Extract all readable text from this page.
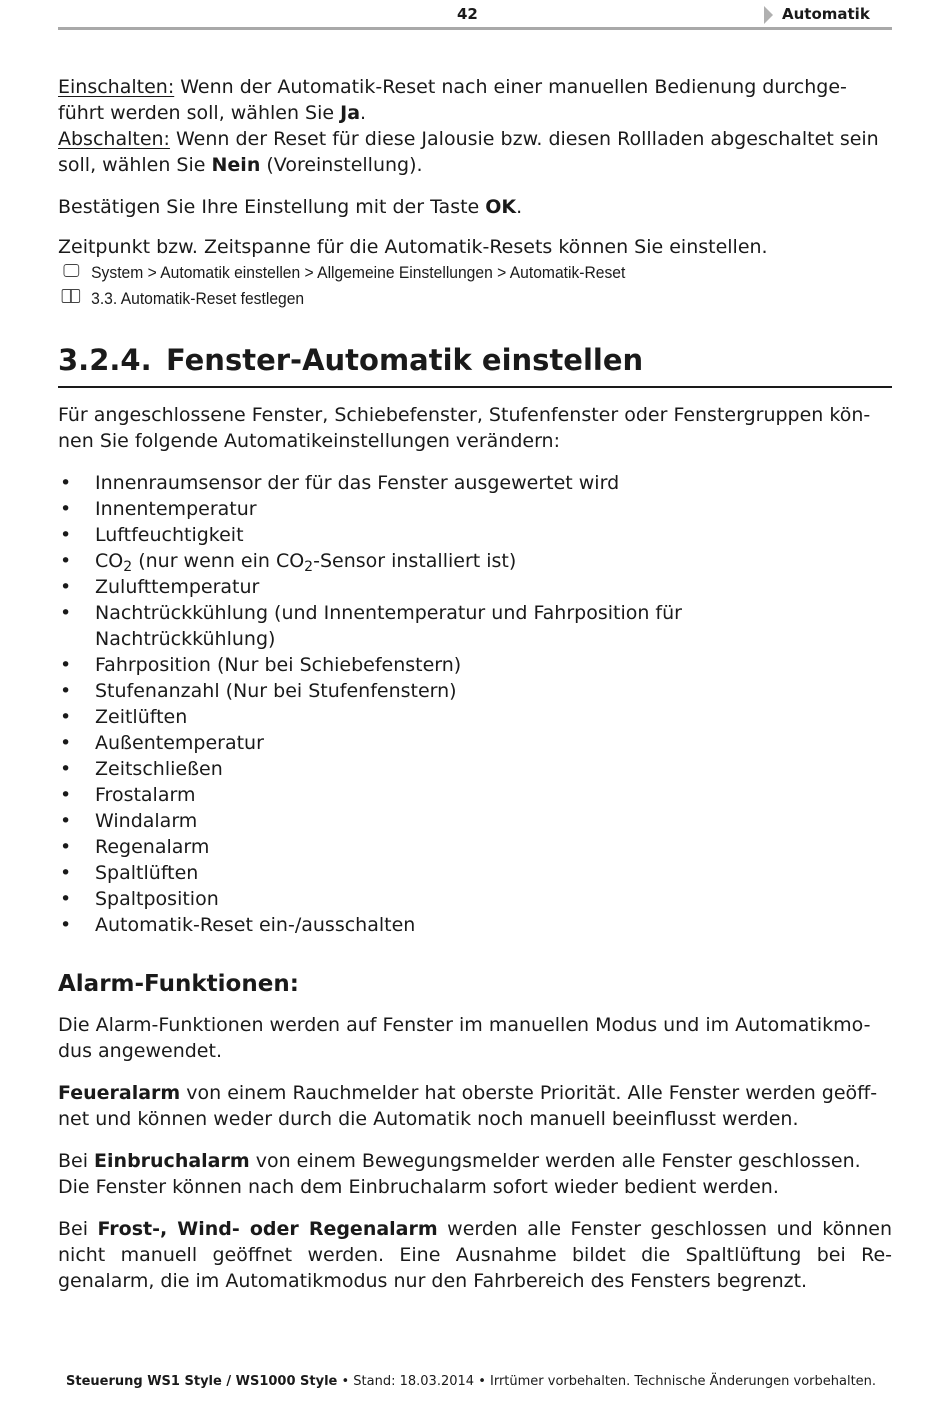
42	Automatik

Einschalten: Wenn der Automatik-Reset nach einer manuellen Bedienung durchge-führt werden soll, wählen Sie Ja.

Abschalten: Wenn der Reset für diese Jalousie bzw. diesen Rollladen abgeschaltet sein soll, wählen Sie Nein (Voreinstellung).

Bestätigen Sie Ihre Einstellung mit der Taste OK.

Zeitpunkt bzw. Zeitspanne für die Automatik-Resets können Sie einstellen.

System > Automatik einstellen > Allgemeine Einstellungen > Automatik-Reset
3.3. Automatik-Reset festlegen
3.2.4. Fenster-Automatik einstellen

Für angeschlossene Fenster, Schiebefenster, Stufenfenster oder Fenstergruppen kön-nen Sie folgende Automatikeinstellungen verändern:

• Innenraumsensor der für das Fenster ausgewertet wird
• Innentemperatur
• Luftfeuchtigkeit
• $CO_2$ (nur wenn ein $CO_2$-Sensor installiert ist)
• Zulufttemperatur
• Nachtrückkühlung (und Innentemperatur und Fahrposition für Nachtrückkühlung)
• Fahrposition (Nur bei Schiebefenstern)
• Stufenanzahl (Nur bei Stufenfenstern)
• Zeitlüften
• Außentemperatur
• Zeitschließen
• Frostalarm
• Windalarm
• Regenalarm
• Spaltlüften
• Spaltposition
• Automatik-Reset ein-/ausschalten
Alarm-Funktionen:

Die Alarm-Funktionen werden auf Fenster im manuellen Modus und im Automatikmo-dus angewendet.

Feueralarm von einem Rauchmelder hat oberste Priorität. Alle Fenster werden geöff-net und können weder durch die Automatik noch manuell beeinflusst werden.

Bei Einbruchalarm von einem Bewegungsmelder werden alle Fenster geschlossen. Die Fenster können nach dem Einbruchalarm sofort wieder bedient werden.

Bei Frost-, Wind- oder Regenalarm werden alle Fenster geschlossen und können nicht manuell geöffnet werden. Eine Ausnahme bildet die Spaltlüftung bei Re-genalarm, die im Automatikmodus nur den Fahrbereich des Fensters begrenzt.

Steuerung WS1 Style / WS1000 Style • Stand: 18.03.2014 • Irrtümer vorbehalten. Technische Änderungen vorbehalten.
